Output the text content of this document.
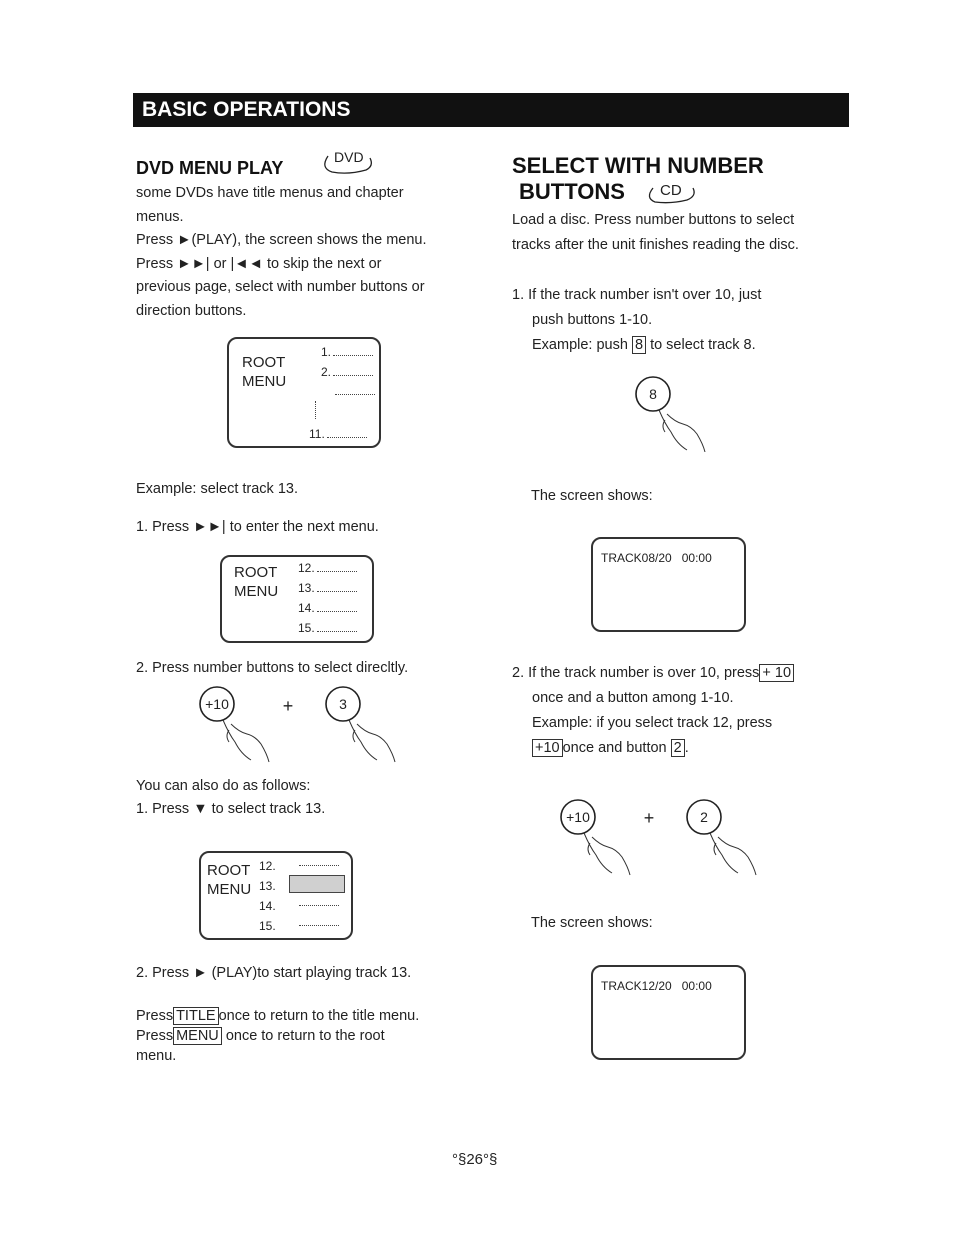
BASIC OPERATIONS
DVD MENU PLAY
DVD
some DVDs have title menus and chapter
menus.
Press ►(PLAY), the screen shows the menu.
Press ►►| or |◄◄ to skip the next or
previous page, select with number buttons or
direction buttons.
ROOT
MENU
1.
2.
11.
Example: select track 13.
1. Press ►►| to enter the next menu.
ROOT
MENU
12.
13.
14.
15.
2. Press number buttons to select direcltly.
+10	+	3
You can also do as follows:
1. Press ▼ to select track 13.
ROOT
MENU
12.
13.
14.
15.
2. Press ► (PLAY)to start playing track 13.
Press TITLE once to return to the title menu.
Press MENU once to return to the root
menu.
SELECT WITH NUMBER
BUTTONS	CD
Load a disc. Press number buttons to select
tracks after the unit finishes reading the disc.
1. If the track number isn't over 10, just
push buttons 1-10.
Example: push 8 to select track 8.
8
The screen shows:
TRACK08/20 00:00
2. If the track number is over 10, press + 10
once and a button among 1-10.
Example: if you select track 12, press
+10 once and button 2 .
+10	+	2
The screen shows:
TRACK12/20 00:00
°§26°§
